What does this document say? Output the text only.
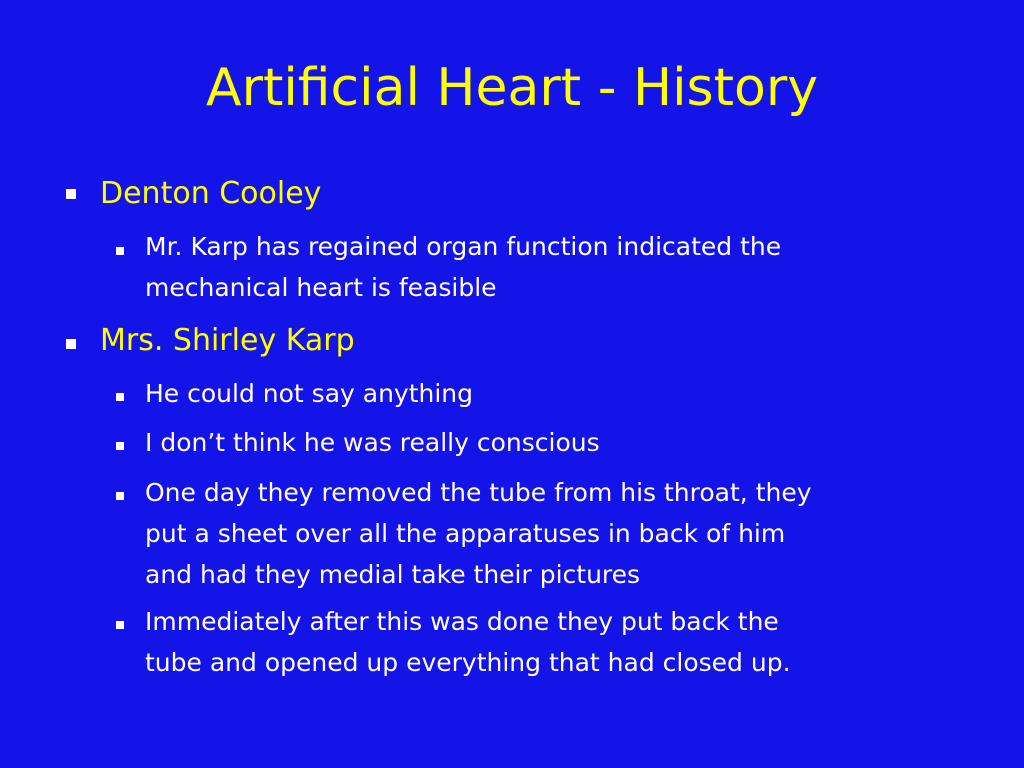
Artificial Heart - History
Denton Cooley
Mr. Karp has regained organ function indicated the
mechanical heart is feasible
Mrs. Shirley Karp
He could not say anything
I don’t think he was really conscious
One day they removed the tube from his throat, they
put a sheet over all the apparatuses in back of him
and had they medial take their pictures
Immediately after this was done they put back the
tube and opened up everything that had closed up.
